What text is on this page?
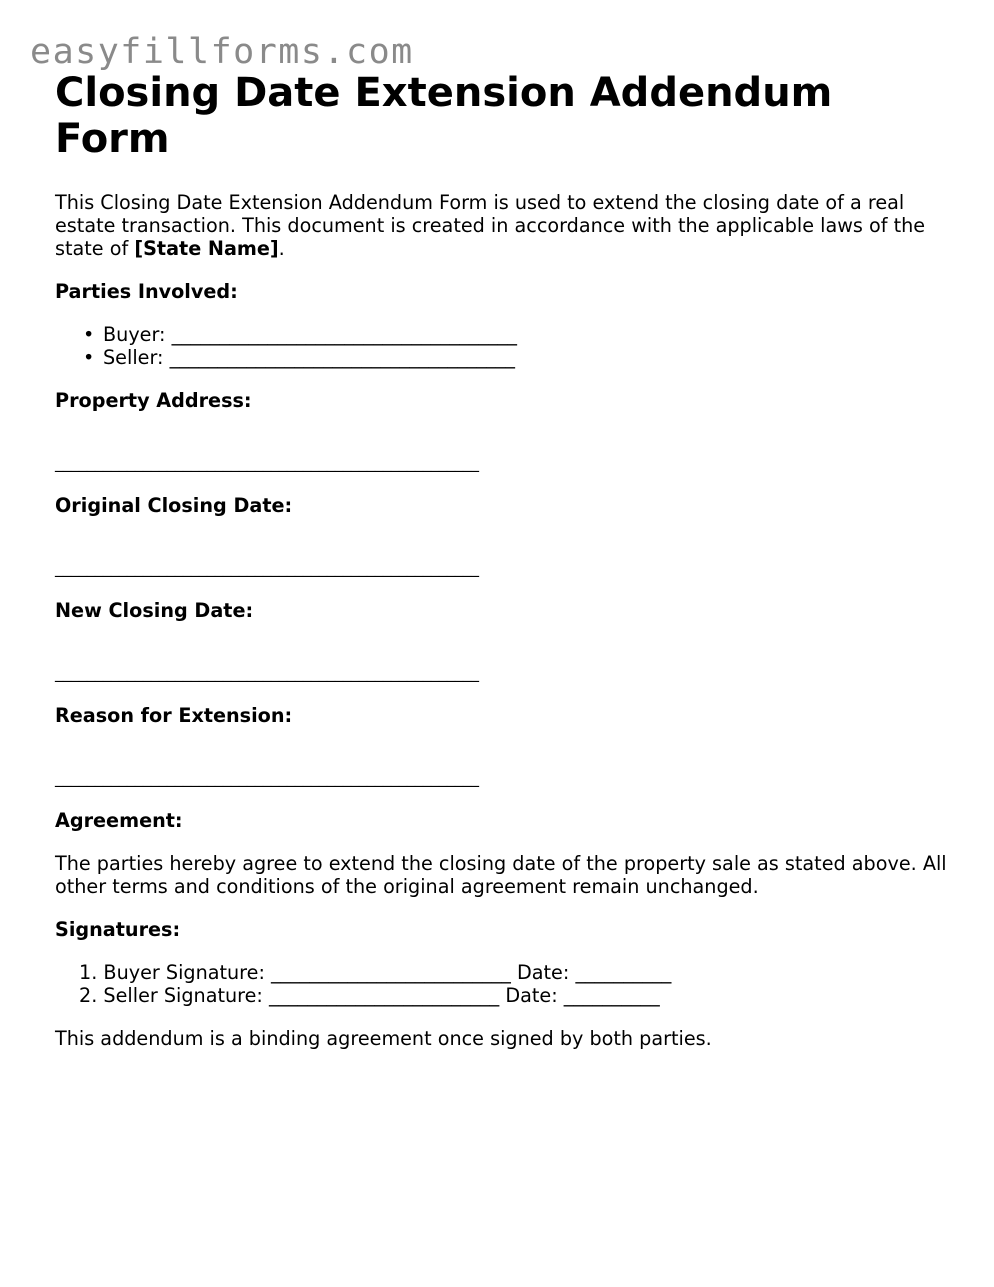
easyfillforms.com
Closing Date Extension Addendum Form

This Closing Date Extension Addendum Form is used to extend the closing date of a real estate transaction. This document is created in accordance with the applicable laws of the state of [State Name].

Parties Involved:
• Buyer: ____________________________________
• Seller: ____________________________________
Property Address:
_____________________________________________________
Original Closing Date:
_____________________________________________________
New Closing Date:
_____________________________________________________
Reason for Extension:
_____________________________________________________
Agreement:

The parties hereby agree to extend the closing date of the property sale as stated above. All other terms and conditions of the original agreement remain unchanged.

Signatures:
1. Buyer Signature: _________________________ Date: __________
2. Seller Signature: ________________________ Date: __________

This addendum is a binding agreement once signed by both parties.
